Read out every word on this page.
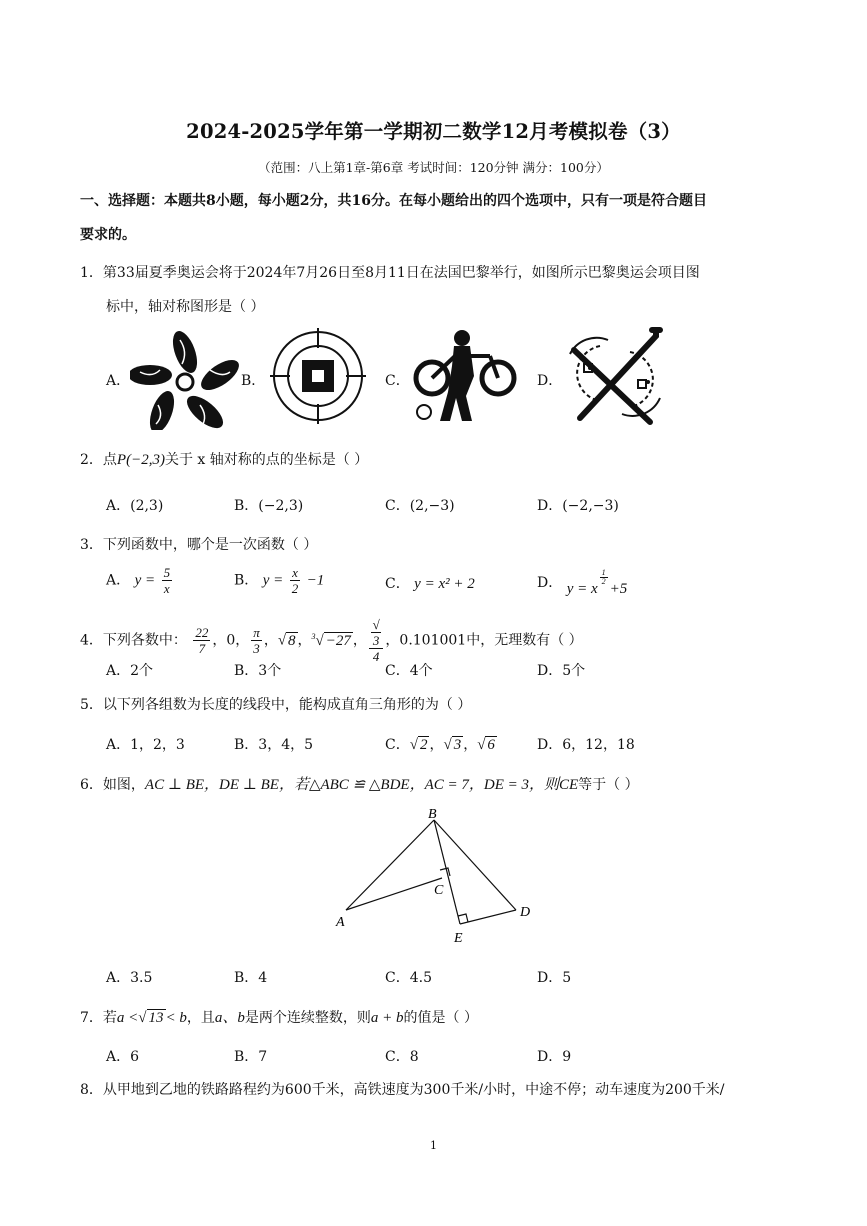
2024-2025学年第一学期初二数学12月考模拟卷（3）
（范围：八上第1章-第6章 考试时间：120分钟 满分：100分）
一、选择题：本题共8小题，每小题2分，共16分。在每小题给出的四个选项中，只有一项是符合题目
要求的。
1．第33届夏季奥运会将于2024年7月26日至8月11日在法国巴黎举行，如图所示巴黎奥运会项目图
标中，轴对称图形是（ ）
A．	B．	C．	D．
2．点P(−2,3)关于 x 轴对称的点的坐标是（ ）
A．(2,3)	B．(−2,3)	C．(2,−3)	D．(−2,−3)
3．下列函数中，哪个是一次函数（ ）
A． $y = \frac{5}{x}$	B． $y = \frac{x}{2} -1$	C． y = x² + 2	D． y = x
$\frac{1}{2}$
+5
4．下列各数中： $\frac{22}{7}$ ，0， $\frac{\pi}{3}$ ，√ 8 ，$^3$√ −27 ， √
3
4 ，0.101001中，无理数有（ ）
A．2个	B．3个	C．4个	D．5个
5．以下列各组数为长度的线段中，能构成直角三角形的为（ ）
A．1，2，3	B．3，4，5	C．√ 2 ，√ 3 ，√ 6	D．6，12，18
6．如图，AC ⊥ BE，DE ⊥ BE，若△ABC ≌ △BDE，AC = 7，DE = 3，则CE等于（ ）
B
A
C
D
E
A．3.5	B．4	C．4.5	D．5
7．若a <√ 13 < b，且a、b是两个连续整数，则a + b的值是（ ）
A．6	B．7	C．8	D．9
8．从甲地到乙地的铁路路程约为600千米，高铁速度为300千米/小时，中途不停；动车速度为200千米/
1
